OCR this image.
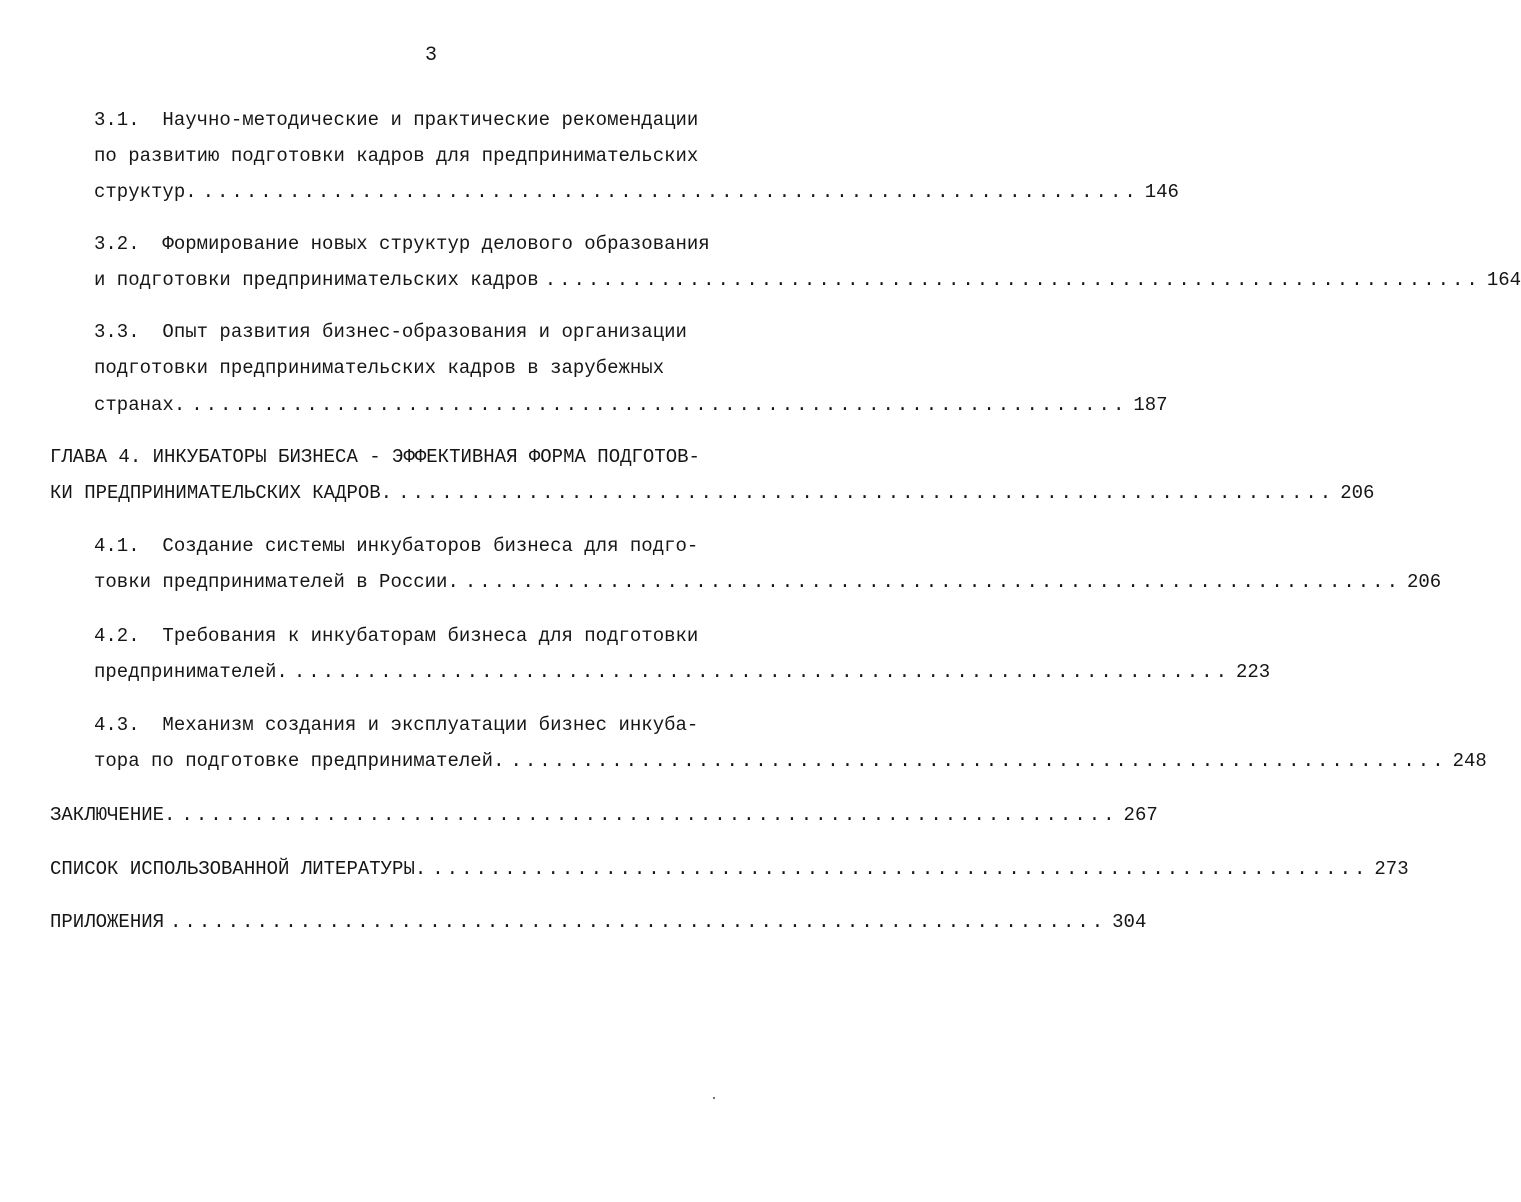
3
3.1.  Научно-методические и практические рекомендации
по развитию подготовки кадров для предпринимательских
структур. ................................................................. 146
3.2.  Формирование новых структур делового образования
и подготовки предпринимательских кадров ................................................................. 164
3.3.  Опыт развития бизнес-образования и организации
подготовки предпринимательских кадров в зарубежных
странах. ................................................................. 187
ГЛАВА 4. ИНКУБАТОРЫ БИЗНЕСА - ЭФФЕКТИВНАЯ ФОРМА ПОДГОТОВ-
КИ ПРЕДПРИНИМАТЕЛЬСКИХ КАДРОВ. ................................................................. 206
4.1.  Создание системы инкубаторов бизнеса для подго-
товки предпринимателей в России. ................................................................. 206
4.2.  Требования к инкубаторам бизнеса для подготовки
предпринимателей. ................................................................. 223
4.3.  Механизм создания и эксплуатации бизнес инкуба-
тора по подготовке предпринимателей. ................................................................. 248
ЗАКЛЮЧЕНИЕ. ................................................................. 267
СПИСОК ИСПОЛЬЗОВАННОЙ ЛИТЕРАТУРЫ. ................................................................. 273
ПРИЛОЖЕНИЯ ................................................................. 304
